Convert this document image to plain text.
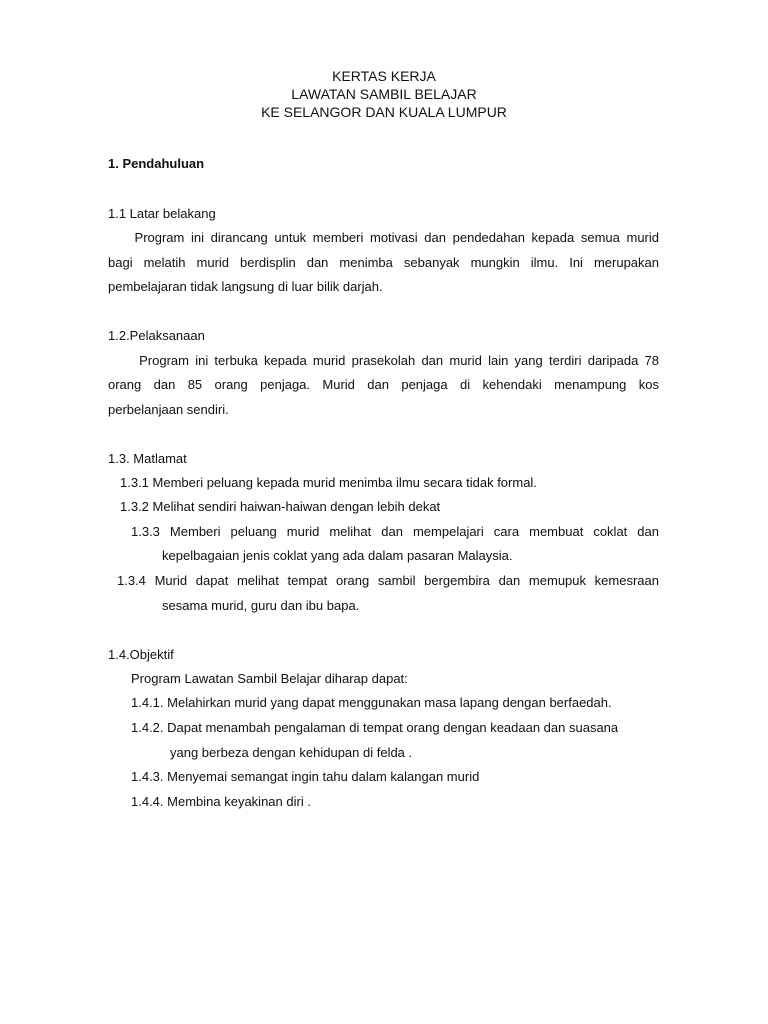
KERTAS KERJA
LAWATAN SAMBIL BELAJAR
KE SELANGOR DAN KUALA LUMPUR
1. Pendahuluan
1.1 Latar belakang
Program ini dirancang untuk memberi motivasi dan pendedahan kepada semua murid
bagi melatih murid berdisplin dan menimba sebanyak mungkin ilmu. Ini merupakan
pembelajaran tidak langsung di luar bilik darjah.
1.2.Pelaksanaan
Program ini terbuka kepada murid prasekolah dan murid lain yang terdiri daripada 78
orang dan 85 orang penjaga. Murid dan penjaga di kehendaki menampung kos
perbelanjaan sendiri.
1.3. Matlamat
1.3.1 Memberi peluang kepada murid menimba ilmu secara tidak formal.
1.3.2 Melihat sendiri haiwan-haiwan dengan lebih dekat
1.3.3 Memberi peluang murid melihat dan mempelajari cara membuat coklat dan
kepelbagaian jenis coklat yang ada dalam pasaran Malaysia.
1.3.4 Murid dapat melihat tempat orang sambil bergembira dan memupuk kemesraan
sesama murid, guru dan ibu bapa.
1.4.Objektif
Program Lawatan Sambil Belajar diharap dapat:
1.4.1. Melahirkan murid yang dapat menggunakan masa lapang dengan berfaedah.
1.4.2. Dapat menambah pengalaman di tempat orang dengan keadaan dan suasana
yang berbeza dengan kehidupan di felda .
1.4.3. Menyemai semangat ingin tahu dalam kalangan murid
1.4.4. Membina keyakinan diri .
